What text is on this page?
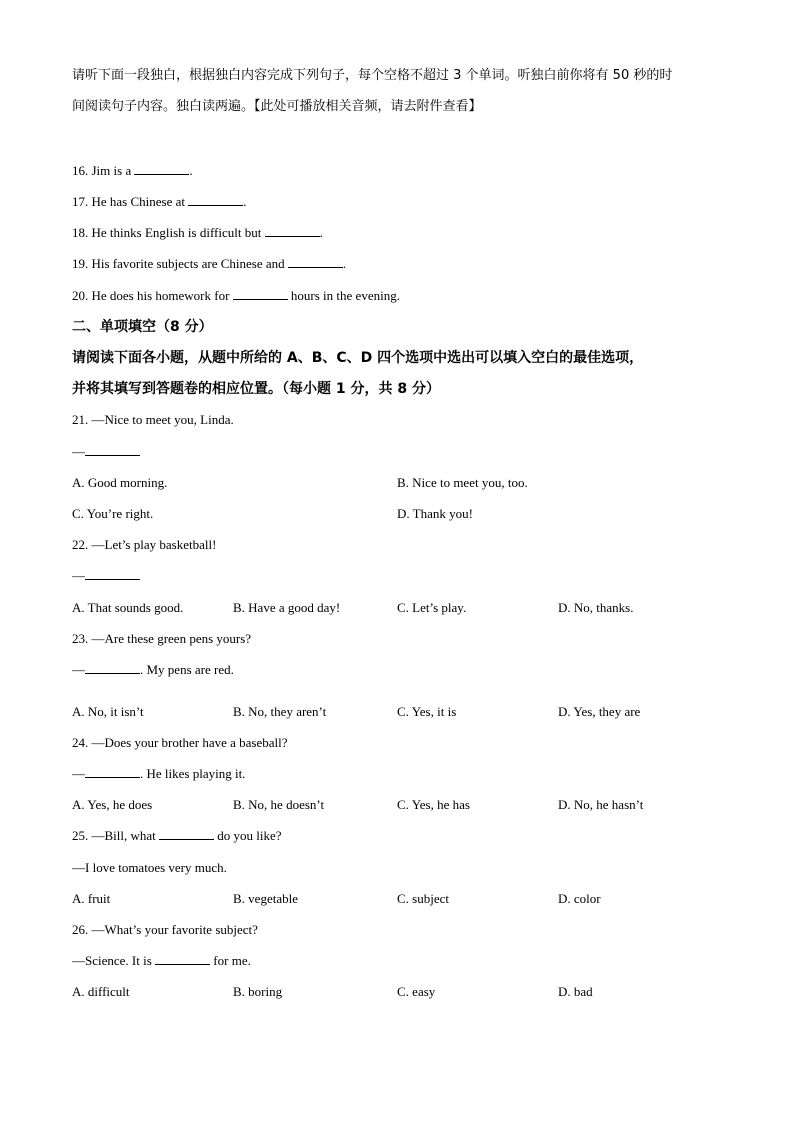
请听下面一段独白，根据独白内容完成下列句子，每个空格不超过 3 个单词。听独白前你将有 50 秒的时
间阅读句子内容。独白读两遍。【此处可播放相关音频，请去附件查看】
16. Jim is a	.
17. He has Chinese at	.
18. He thinks English is difficult but	.
19. His favorite subjects are Chinese and	.
20. He does his homework for	hours in the evening.
二、单项填空（8 分）
请阅读下面各小题，从题中所给的 A、B、C、D 四个选项中选出可以填入空白的最佳选项，
并将其填写到答题卷的相应位置。（每小题 1 分，共 8 分）
21. —Nice to meet you, Linda.
—
A. Good morning.	B. Nice to meet you, too.
C. You’re right.	D. Thank you!
22. —Let’s play basketball!
—
A. That sounds good.	B. Have a good day!	C. Let’s play.	D. No, thanks.
23. —Are these green pens yours?
—	. My pens are red.
A. No, it isn’t	B. No, they aren’t	C. Yes, it is	D. Yes, they are
24. —Does your brother have a baseball?
—	. He likes playing it.
A. Yes, he does	B. No, he doesn’t	C. Yes, he has	D. No, he hasn’t
25. —Bill, what	do you like?
—I love tomatoes very much.
A. fruit	B. vegetable	C. subject	D. color
26. —What’s your favorite subject?
—Science. It is	for me.
A. difficult	B. boring	C. easy	D. bad
